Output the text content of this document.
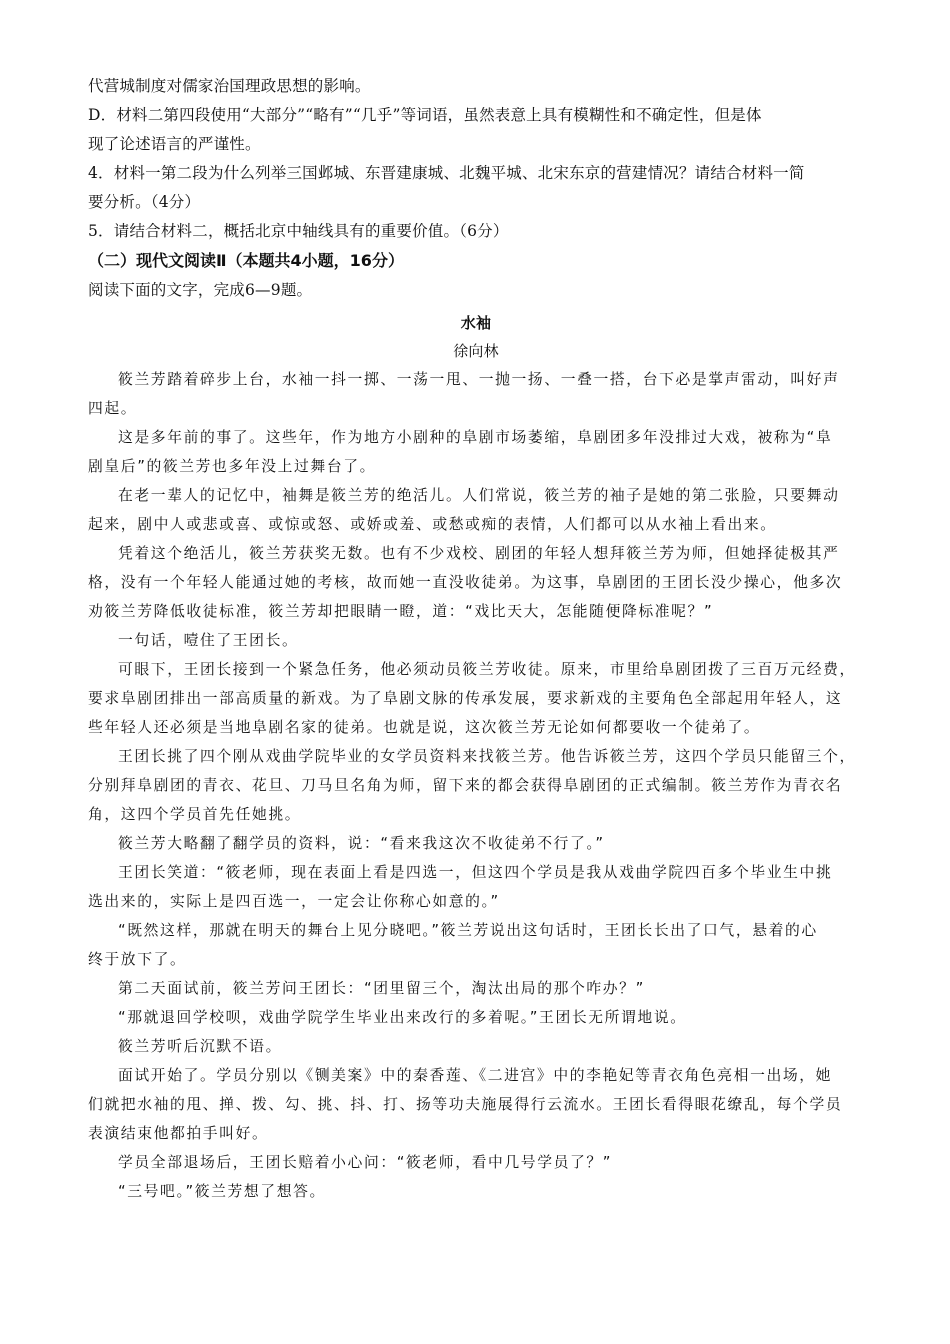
代营城制度对儒家治国理政思想的影响。

D．材料二第四段使用“大部分”“略有”“几乎”等词语，虽然表意上具有模糊性和不确定性，但是体

现了论述语言的严谨性。

4．材料一第二段为什么列举三国邺城、东晋建康城、北魏平城、北宋东京的营建情况？请结合材料一简

要分析。（4分）

5．请结合材料二，概括北京中轴线具有的重要价值。（6分）

（二）现代文阅读Ⅱ（本题共4小题，16分）

阅读下面的文字，完成6—9题。

水袖

徐向林

筱兰芳踏着碎步上台，水袖一抖一掷、一荡一甩、一抛一扬、一叠一搭，台下必是掌声雷动，叫好声

四起。

这是多年前的事了。这些年，作为地方小剧种的阜剧市场萎缩，阜剧团多年没排过大戏，被称为“阜

剧皇后”的筱兰芳也多年没上过舞台了。

在老一辈人的记忆中，袖舞是筱兰芳的绝活儿。人们常说，筱兰芳的袖子是她的第二张脸，只要舞动

起来，剧中人或悲或喜、或惊或怒、或娇或羞、或愁或痴的表情，人们都可以从水袖上看出来。

凭着这个绝活儿，筱兰芳获奖无数。也有不少戏校、剧团的年轻人想拜筱兰芳为师，但她择徒极其严

格，没有一个年轻人能通过她的考核，故而她一直没收徒弟。为这事，阜剧团的王团长没少操心，他多次

劝筱兰芳降低收徒标准，筱兰芳却把眼睛一瞪，道：“戏比天大，怎能随便降标准呢？”

一句话，噎住了王团长。

可眼下，王团长接到一个紧急任务，他必须动员筱兰芳收徒。原来，市里给阜剧团拨了三百万元经费，

要求阜剧团排出一部高质量的新戏。为了阜剧文脉的传承发展，要求新戏的主要角色全部起用年轻人，这

些年轻人还必须是当地阜剧名家的徒弟。也就是说，这次筱兰芳无论如何都要收一个徒弟了。

王团长挑了四个刚从戏曲学院毕业的女学员资料来找筱兰芳。他告诉筱兰芳，这四个学员只能留三个，

分别拜阜剧团的青衣、花旦、刀马旦名角为师，留下来的都会获得阜剧团的正式编制。筱兰芳作为青衣名

角，这四个学员首先任她挑。

筱兰芳大略翻了翻学员的资料，说：“看来我这次不收徒弟不行了。”

王团长笑道：“筱老师，现在表面上看是四选一，但这四个学员是我从戏曲学院四百多个毕业生中挑

选出来的，实际上是四百选一，一定会让你称心如意的。”

“既然这样，那就在明天的舞台上见分晓吧。”筱兰芳说出这句话时，王团长长出了口气，悬着的心

终于放下了。

第二天面试前，筱兰芳问王团长：“团里留三个，淘汰出局的那个咋办？”

“那就退回学校呗，戏曲学院学生毕业出来改行的多着呢。”王团长无所谓地说。

筱兰芳听后沉默不语。

面试开始了。学员分别以《铡美案》中的秦香莲、《二进宫》中的李艳妃等青衣角色亮相一出场，她

们就把水袖的甩、掸、拨、勾、挑、抖、打、扬等功夫施展得行云流水。王团长看得眼花缭乱，每个学员

表演结束他都拍手叫好。

学员全部退场后，王团长赔着小心问：“筱老师，看中几号学员了？”

“三号吧。”筱兰芳想了想答。
